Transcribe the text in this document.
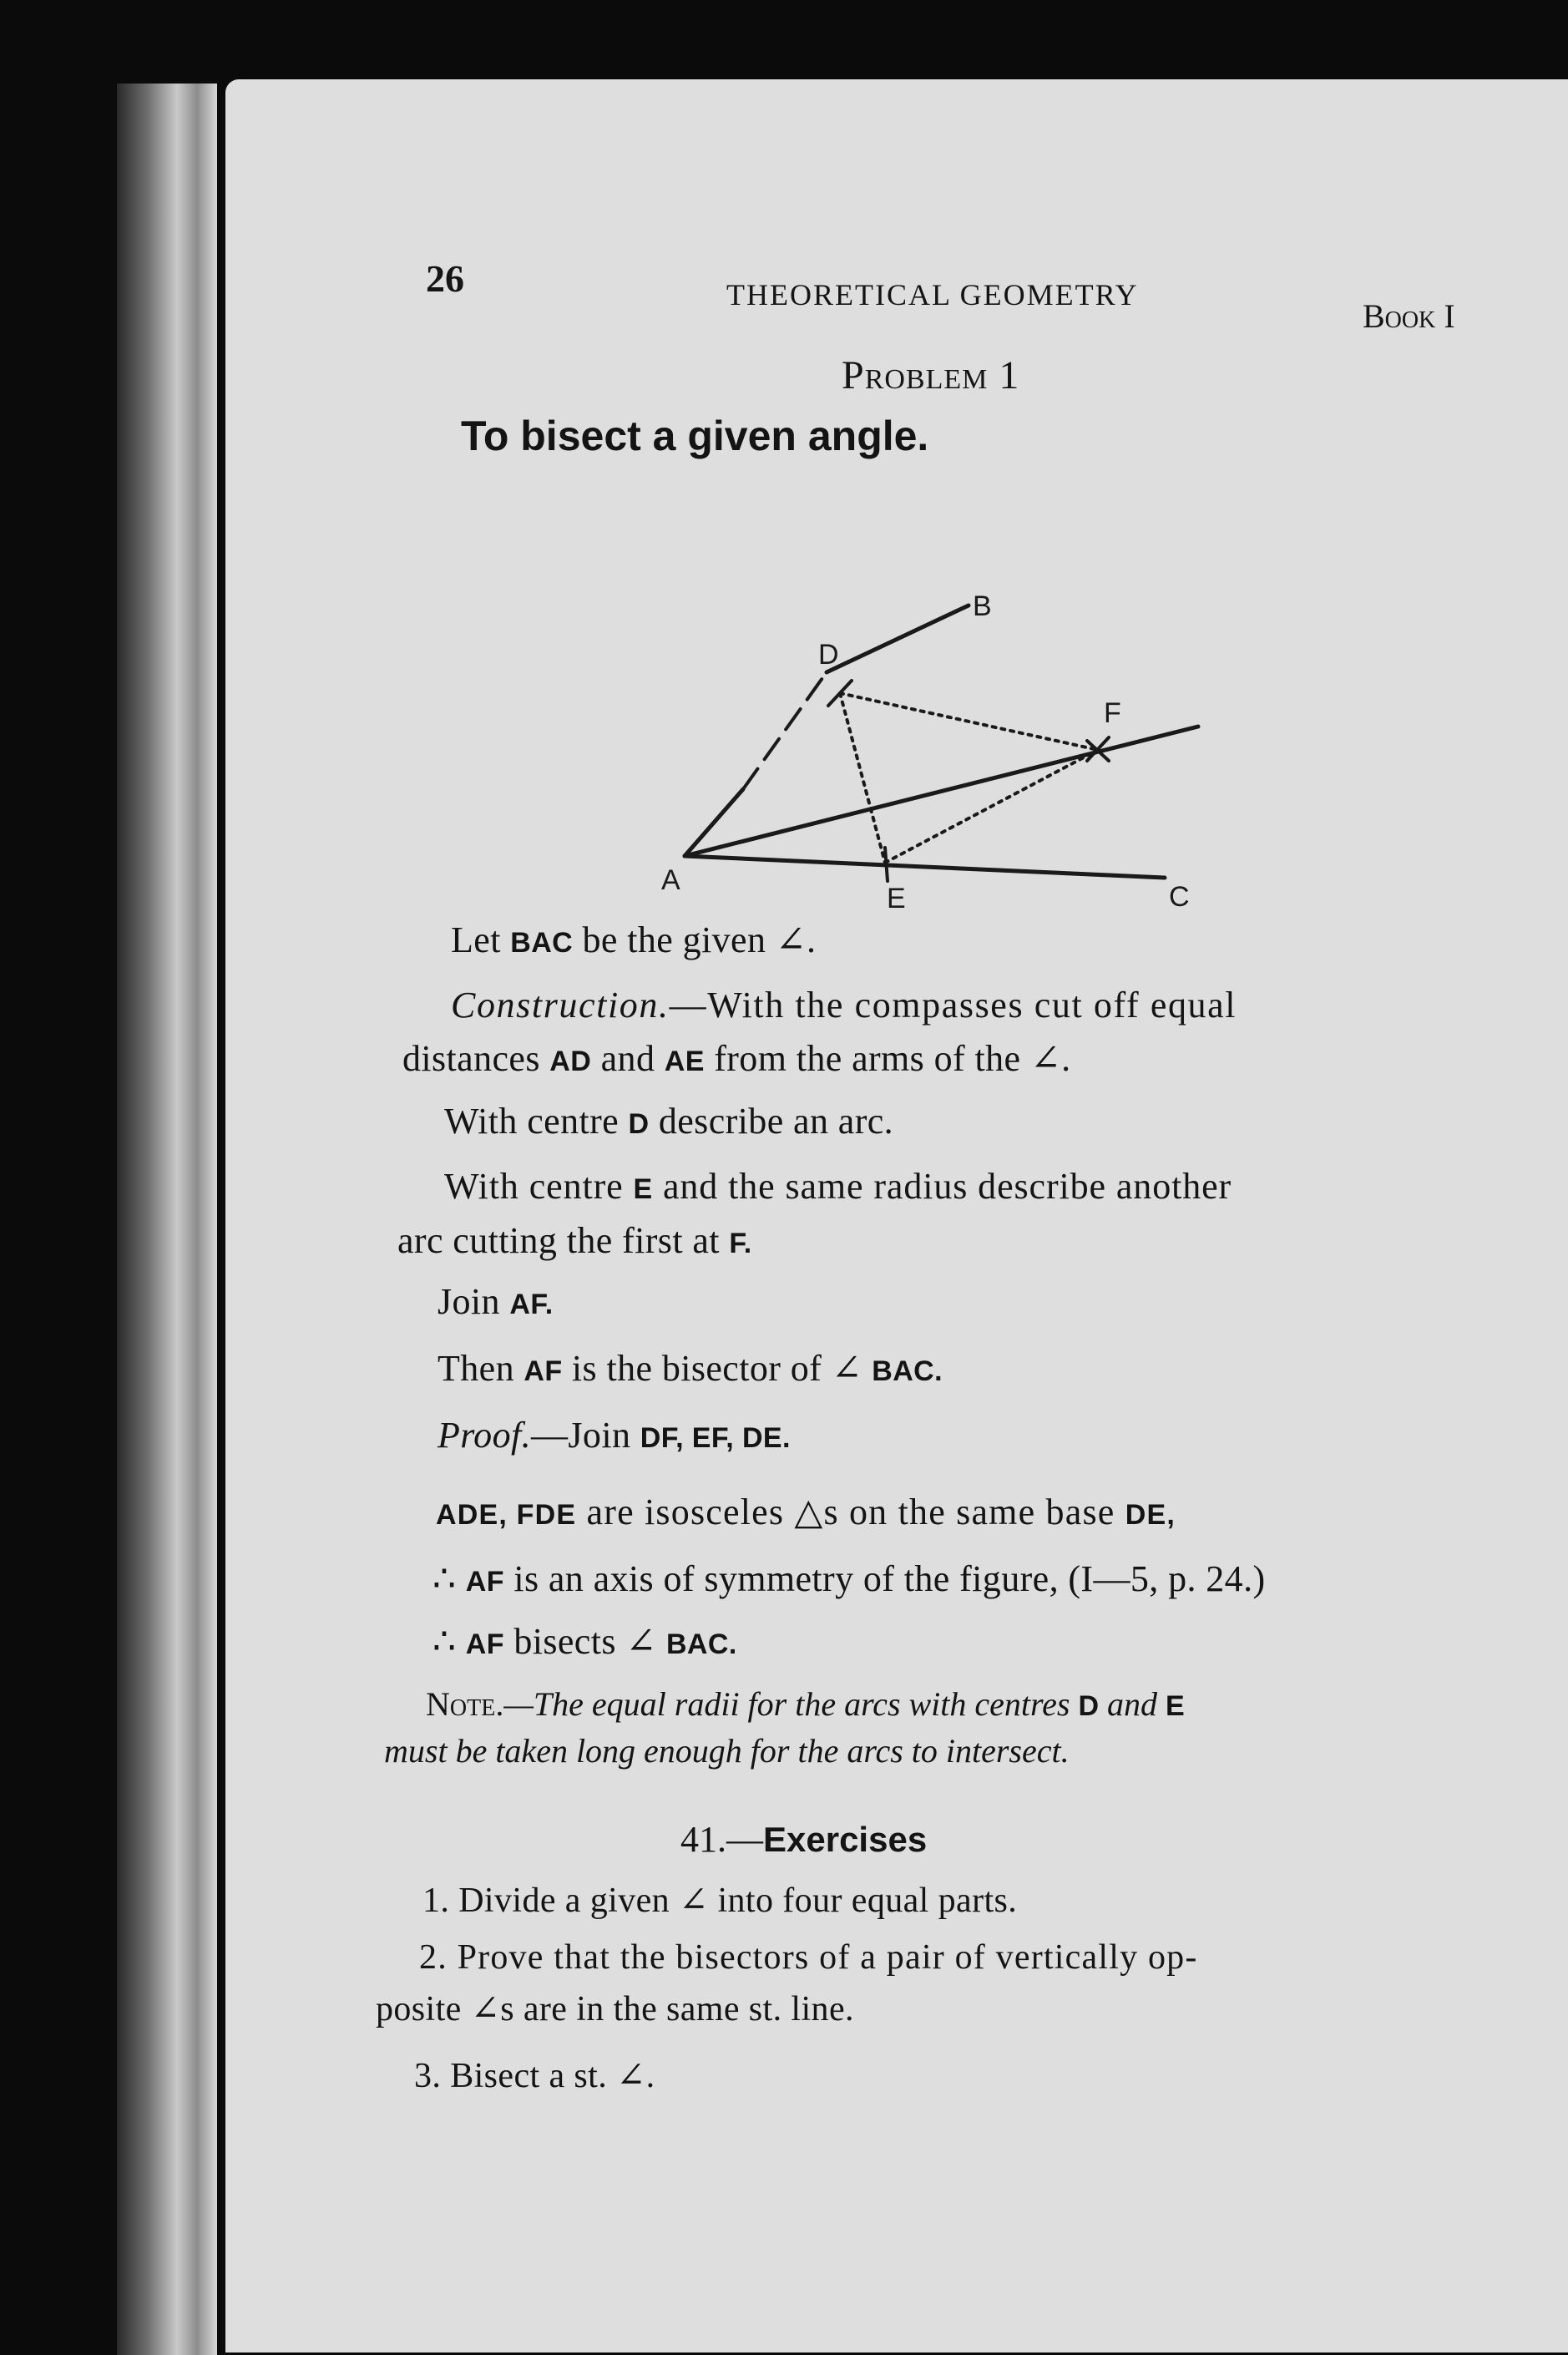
26	THEORETICAL GEOMETRY
Book I
Problem 1
To bisect a given angle.
A
B
C
D
E
F
Let BAC be the given ∠.
Construction.—With the compasses cut off equal
distances AD and AE from the arms of the ∠.
With centre D describe an arc.
With centre E and the same radius describe another
arc cutting the first at F.
Join AF.
Then AF is the bisector of ∠ BAC.
Proof.—Join DF, EF, DE.
ADE, FDE are isosceles △s on the same base DE,
∴ AF is an axis of symmetry of the figure, (I—5, p. 24.)
∴ AF bisects ∠ BAC.
Note.—The equal radii for the arcs with centres D and E
must be taken long enough for the arcs to intersect.
41.—Exercises
1. Divide a given ∠ into four equal parts.
2. Prove that the bisectors of a pair of vertically op-
posite ∠s are in the same st. line.
3. Bisect a st. ∠.
